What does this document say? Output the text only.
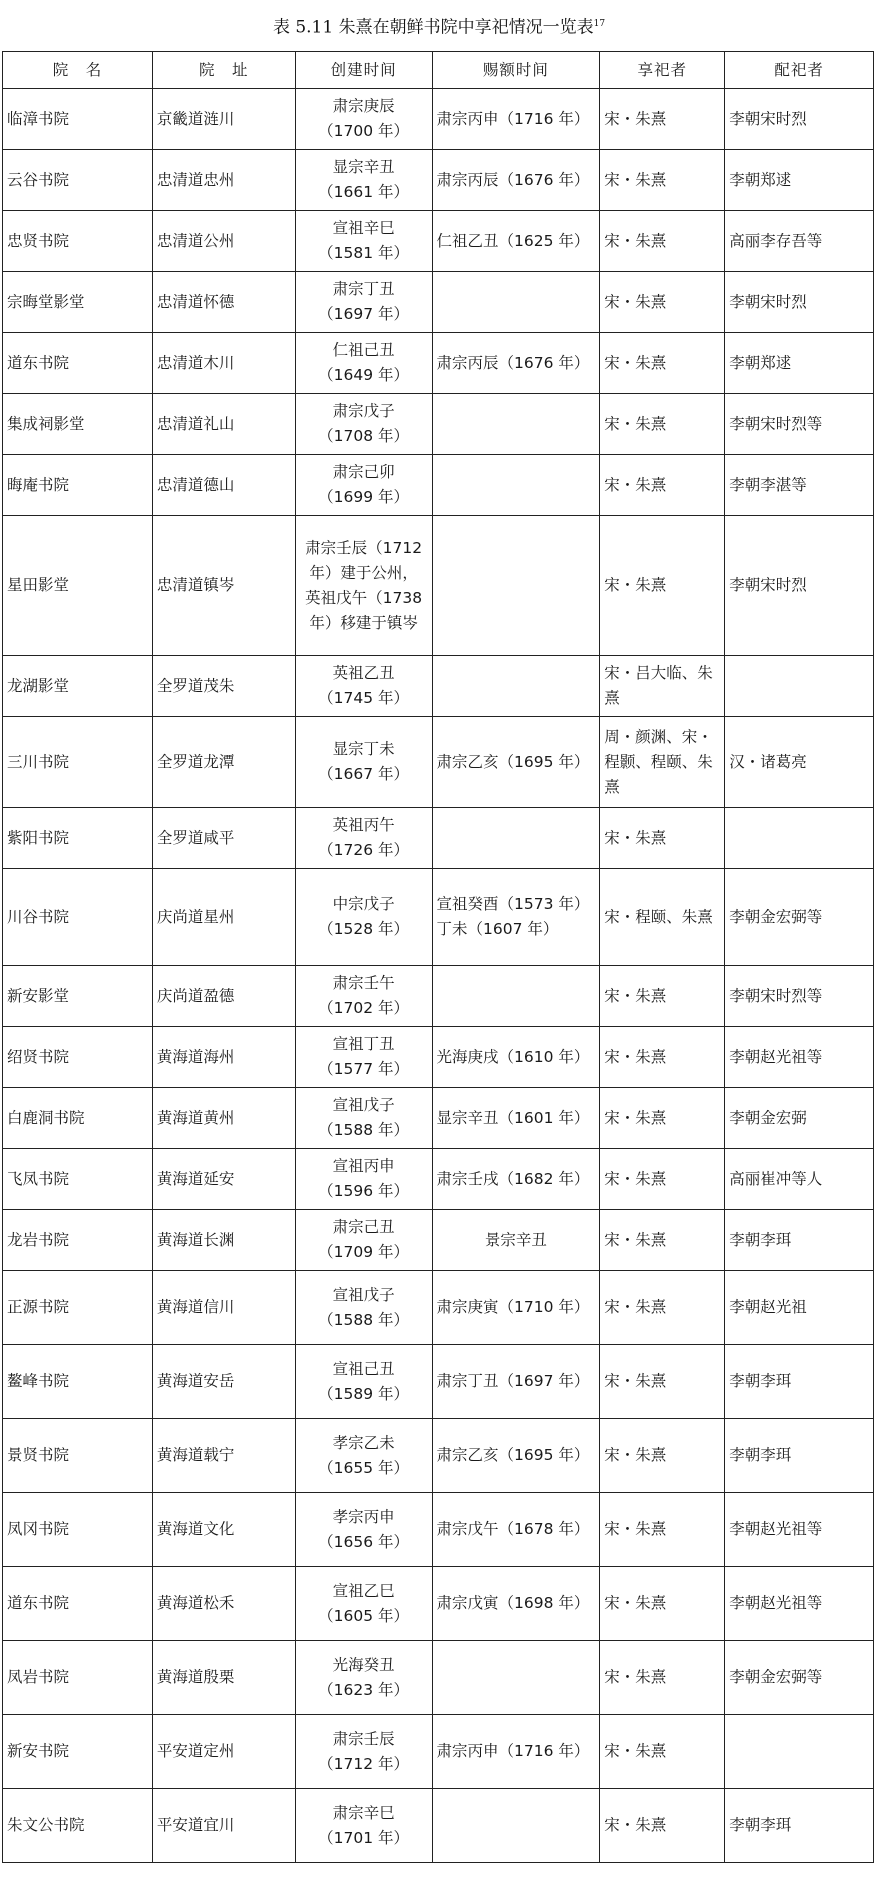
表 5.11 朱熹在朝鲜书院中享祀情况一览表$^{17}$
院　名	院　址	创建时间	赐额时间	享祀者	配祀者
临漳书院	京畿道涟川	肃宗庚辰
（1700 年）	肃宗丙申（1716 年）	宋・朱熹	李朝宋时烈
云谷书院	忠清道忠州	显宗辛丑
（1661 年）	肃宗丙辰（1676 年）	宋・朱熹	李朝郑逑
忠贤书院	忠清道公州	宣祖辛巳
（1581 年）	仁祖乙丑（1625 年）	宋・朱熹	高丽李存吾等
宗晦堂影堂	忠清道怀德	肃宗丁丑
（1697 年）		宋・朱熹	李朝宋时烈
道东书院	忠清道木川	仁祖己丑
（1649 年）	肃宗丙辰（1676 年）	宋・朱熹	李朝郑逑
集成祠影堂	忠清道礼山	肃宗戊子
（1708 年）		宋・朱熹	李朝宋时烈等
晦庵书院	忠清道德山	肃宗己卯
（1699 年）		宋・朱熹	李朝李湛等
星田影堂	忠清道镇岑	肃宗壬辰（1712
年）建于公州，
英祖戊午（1738
年）移建于镇岑		宋・朱熹	李朝宋时烈
龙湖影堂	全罗道茂朱	英祖乙丑
（1745 年）		宋・吕大临、朱熹	
三川书院	全罗道龙潭	显宗丁未
（1667 年）	肃宗乙亥（1695 年）	周・颜渊、宋・程颢、程颐、朱熹	汉・诸葛亮
紫阳书院	全罗道咸平	英祖丙午
（1726 年）		宋・朱熹	
川谷书院	庆尚道星州	中宗戊子
（1528 年）	宣祖癸酉（1573 年）丁未（1607 年）	宋・程颐、朱熹	李朝金宏弼等
新安影堂	庆尚道盈德	肃宗壬午
（1702 年）		宋・朱熹	李朝宋时烈等
绍贤书院	黄海道海州	宣祖丁丑
（1577 年）	光海庚戌（1610 年）	宋・朱熹	李朝赵光祖等
白鹿洞书院	黄海道黄州	宣祖戊子
（1588 年）	显宗辛丑（1601 年）	宋・朱熹	李朝金宏弼
飞凤书院	黄海道延安	宣祖丙申
（1596 年）	肃宗壬戌（1682 年）	宋・朱熹	高丽崔冲等人
龙岩书院	黄海道长渊	肃宗己丑
（1709 年）	景宗辛丑	宋・朱熹	李朝李珥
正源书院	黄海道信川	宣祖戊子
（1588 年）	肃宗庚寅（1710 年）	宋・朱熹	李朝赵光祖
鳌峰书院	黄海道安岳	宣祖己丑
（1589 年）	肃宗丁丑（1697 年）	宋・朱熹	李朝李珥
景贤书院	黄海道载宁	孝宗乙未
（1655 年）	肃宗乙亥（1695 年）	宋・朱熹	李朝李珥
凤冈书院	黄海道文化	孝宗丙申
（1656 年）	肃宗戊午（1678 年）	宋・朱熹	李朝赵光祖等
道东书院	黄海道松禾	宣祖乙巳
（1605 年）	肃宗戊寅（1698 年）	宋・朱熹	李朝赵光祖等
凤岩书院	黄海道殷栗	光海癸丑
（1623 年）		宋・朱熹	李朝金宏弼等
新安书院	平安道定州	肃宗壬辰
（1712 年）	肃宗丙申（1716 年）	宋・朱熹	
朱文公书院	平安道宜川	肃宗辛巳
（1701 年）		宋・朱熹	李朝李珥
